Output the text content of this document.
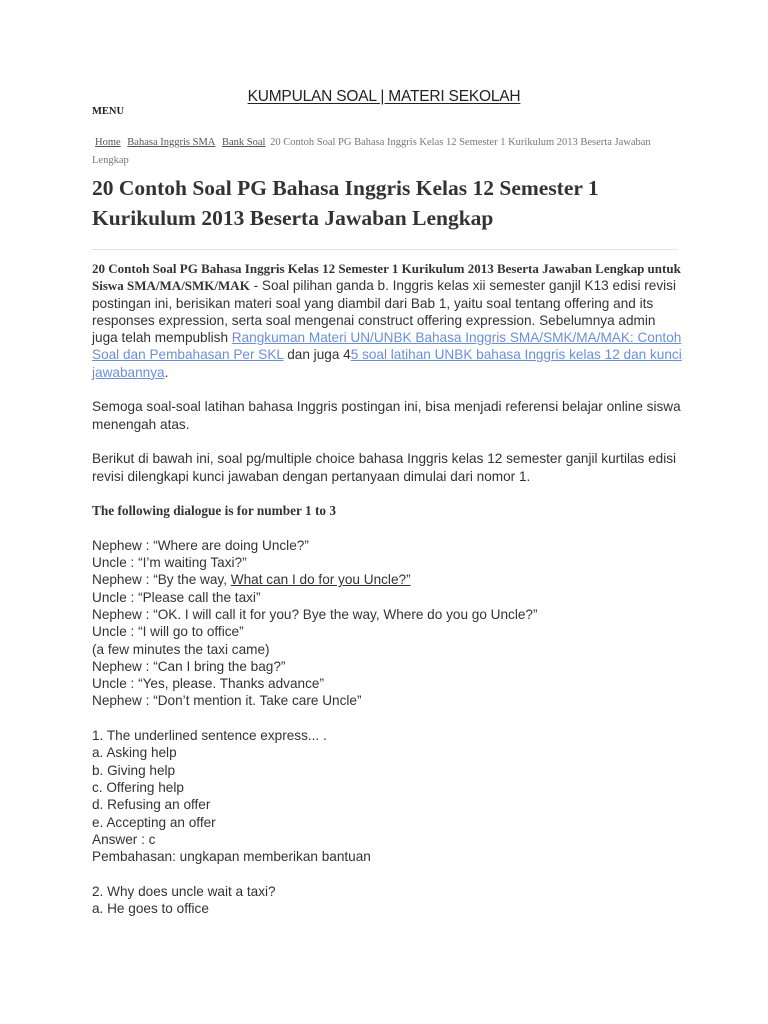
KUMPULAN SOAL | MATERI SEKOLAH
MENU
Home Bahasa Inggris SMA Bank Soal 20 Contoh Soal PG Bahasa Inggris Kelas 12 Semester 1 Kurikulum 2013 Beserta Jawaban Lengkap
20 Contoh Soal PG Bahasa Inggris Kelas 12 Semester 1 Kurikulum 2013 Beserta Jawaban Lengkap

20 Contoh Soal PG Bahasa Inggris Kelas 12 Semester 1 Kurikulum 2013 Beserta Jawaban Lengkap untuk Siswa SMA/MA/SMK/MAK - Soal pilihan ganda b. Inggris kelas xii semester ganjil K13 edisi revisi postingan ini, berisikan materi soal yang diambil dari Bab 1, yaitu soal tentang offering and its responses expression, serta soal mengenai construct offering expression. Sebelumnya admin juga telah mempublish Rangkuman Materi UN/UNBK Bahasa Inggris SMA/SMK/MA/MAK: Contoh Soal dan Pembahasan Per SKL dan juga 45 soal latihan UNBK bahasa Inggris kelas 12 dan kunci jawabannya.

Semoga soal-soal latihan bahasa Inggris postingan ini, bisa menjadi referensi belajar online siswa menengah atas.

Berikut di bawah ini, soal pg/multiple choice bahasa Inggris kelas 12 semester ganjil kurtilas edisi revisi dilengkapi kunci jawaban dengan pertanyaan dimulai dari nomor 1.

The following dialogue is for number 1 to 3

Nephew : “Where are doing Uncle?”
Uncle : “I’m waiting Taxi?”
Nephew : “By the way, What can I do for you Uncle?”
Uncle : “Please call the taxi”
Nephew : “OK. I will call it for you? Bye the way, Where do you go Uncle?”
Uncle : “I will go to office”
(a few minutes the taxi came)
Nephew : “Can I bring the bag?”
Uncle : “Yes, please. Thanks advance”
Nephew : “Don’t mention it. Take care Uncle”
1. The underlined sentence express... .
a. Asking help
b. Giving help
c. Offering help
d. Refusing an offer
e. Accepting an offer
Answer : c
Pembahasan: ungkapan memberikan bantuan
2. Why does uncle wait a taxi?
a. He goes to office
